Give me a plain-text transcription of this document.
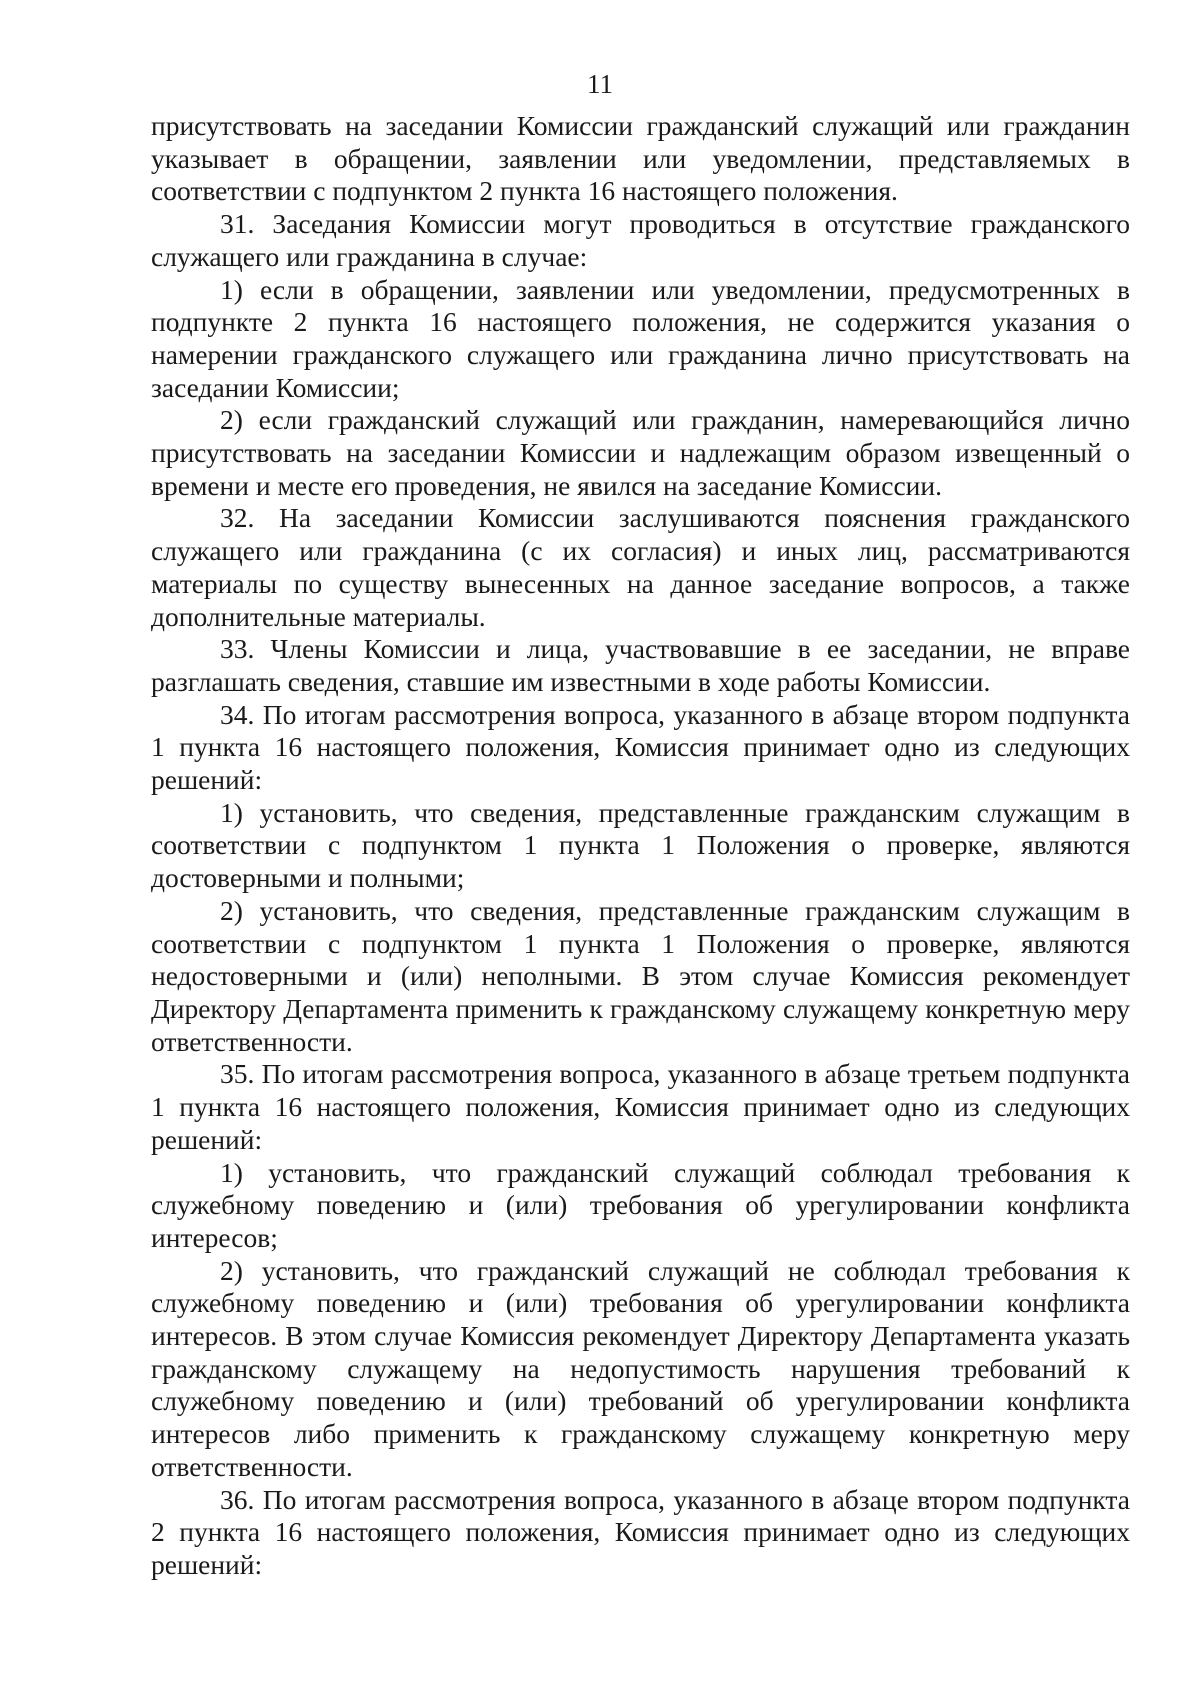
11

присутствовать на заседании Комиссии гражданский служащий или гражданин указывает в обращении, заявлении или уведомлении, представляемых в соответствии с подпунктом 2 пункта 16 настоящего положения.

31. Заседания Комиссии могут проводиться в отсутствие гражданского служащего или гражданина в случае:

1) если в обращении, заявлении или уведомлении, предусмотренных в подпункте 2 пункта 16 настоящего положения, не содержится указания о намерении гражданского служащего или гражданина лично присутствовать на заседании Комиссии;

2) если гражданский служащий или гражданин, намеревающийся лично присутствовать на заседании Комиссии и надлежащим образом извещенный о времени и месте его проведения, не явился на заседание Комиссии.

32. На заседании Комиссии заслушиваются пояснения гражданского служащего или гражданина (с их согласия) и иных лиц, рассматриваются материалы по существу вынесенных на данное заседание вопросов, а также дополнительные материалы.

33. Члены Комиссии и лица, участвовавшие в ее заседании, не вправе разглашать сведения, ставшие им известными в ходе работы Комиссии.

34. По итогам рассмотрения вопроса, указанного в абзаце втором подпункта 1 пункта 16 настоящего положения, Комиссия принимает одно из следующих решений:

1) установить, что сведения, представленные гражданским служащим в соответствии с подпунктом 1 пункта 1 Положения о проверке, являются достоверными и полными;

2) установить, что сведения, представленные гражданским служащим в соответствии с подпунктом 1 пункта 1 Положения о проверке, являются недостоверными и (или) неполными. В этом случае Комиссия рекомендует Директору Департамента применить к гражданскому служащему конкретную меру ответственности.

35. По итогам рассмотрения вопроса, указанного в абзаце третьем подпункта 1 пункта 16 настоящего положения, Комиссия принимает одно из следующих решений:

1) установить, что гражданский служащий соблюдал требования к служебному поведению и (или) требования об урегулировании конфликта интересов;

2) установить, что гражданский служащий не соблюдал требования к служебному поведению и (или) требования об урегулировании конфликта интересов. В этом случае Комиссия рекомендует Директору Департамента указать гражданскому служащему на недопустимость нарушения требований к служебному поведению и (или) требований об урегулировании конфликта интересов либо применить к гражданскому служащему конкретную меру ответственности.

36. По итогам рассмотрения вопроса, указанного в абзаце втором подпункта 2 пункта 16 настоящего положения, Комиссия принимает одно из следующих решений:
